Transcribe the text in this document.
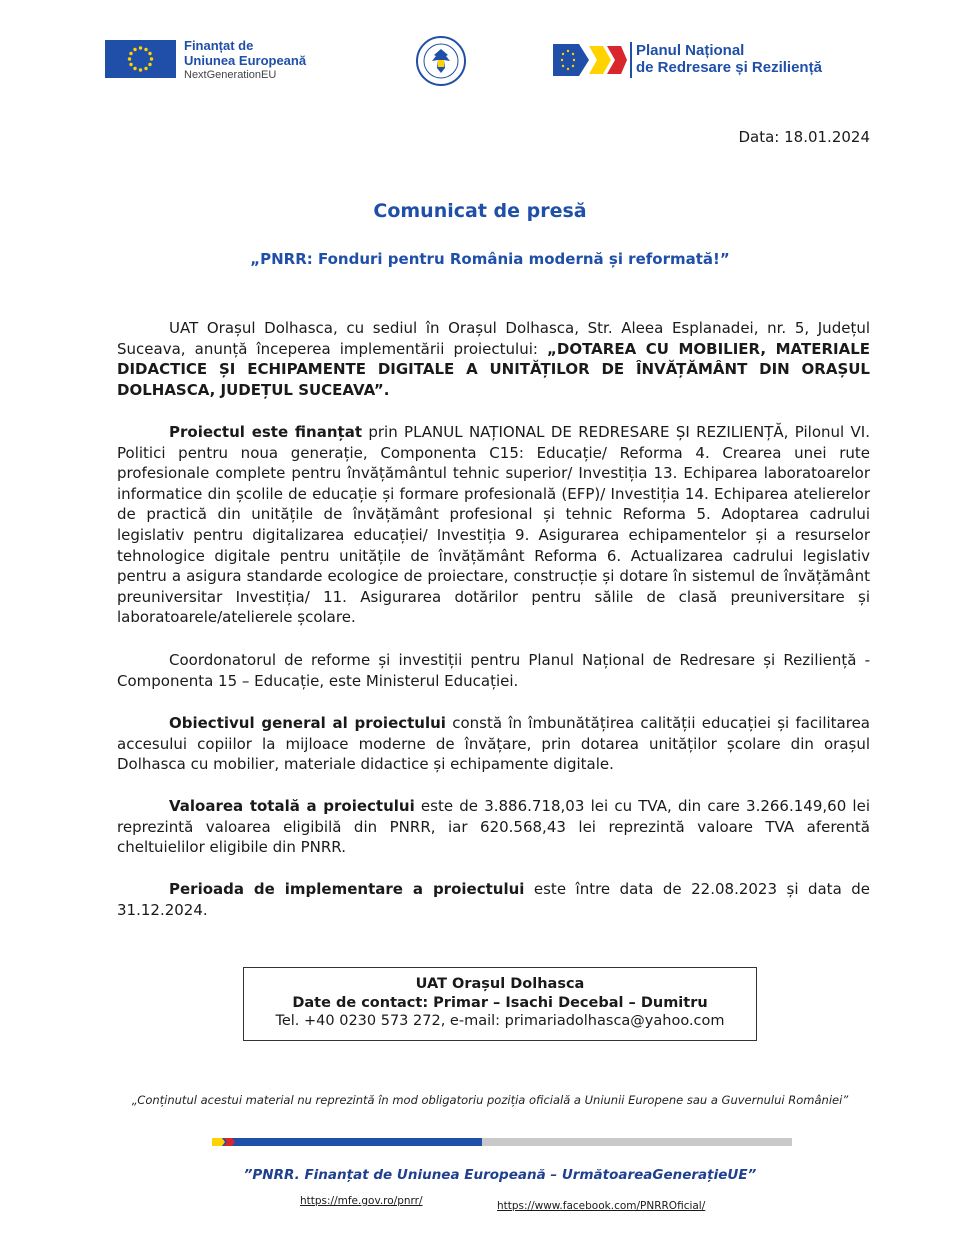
Finanțat de
Uniunea Europeană
NextGenerationEU
Planul Național
de Redresare și Reziliență
Data: 18.01.2024
Comunicat de presă
„PNRR: Fonduri pentru România modernă și reformată!”
UAT Orașul Dolhasca, cu sediul în Orașul Dolhasca, Str. Aleea Esplanadei, nr. 5, Județul Suceava, anunță începerea implementării proiectului: „DOTAREA CU MOBILIER, MATERIALE DIDACTICE ȘI ECHIPAMENTE DIGITALE A UNITĂȚILOR DE ÎNVĂȚĂMÂNT DIN ORAȘUL DOLHASCA, JUDEȚUL SUCEAVA”.
Proiectul este finanțat prin PLANUL NAȚIONAL DE REDRESARE ȘI REZILIENȚĂ, Pilonul VI. Politici pentru noua generație, Componenta C15: Educație/ Reforma 4. Crearea unei rute profesionale complete pentru învățământul tehnic superior/ Investiția 13. Echiparea laboratoarelor informatice din școlile de educație și formare profesională (EFP)/ Investiția 14. Echiparea atelierelor de practică din unitățile de învățământ profesional și tehnic Reforma 5. Adoptarea cadrului legislativ pentru digitalizarea educației/ Investiția 9. Asigurarea echipamentelor și a resurselor tehnologice digitale pentru unitățile de învățământ Reforma 6. Actualizarea cadrului legislativ pentru a asigura standarde ecologice de proiectare, construcție și dotare în sistemul de învățământ preuniversitar Investiția/ 11. Asigurarea dotărilor pentru sălile de clasă preuniversitare și laboratoarele/atelierele școlare.
Coordonatorul de reforme și investiții pentru Planul Național de Redresare și Reziliență - Componenta 15 – Educație, este Ministerul Educației.
Obiectivul general al proiectului constă în îmbunătățirea calității educației și facilitarea accesului copiilor la mijloace moderne de învățare, prin dotarea unităților școlare din orașul Dolhasca cu mobilier, materiale didactice și echipamente digitale.
Valoarea totală a proiectului este de 3.886.718,03 lei cu TVA, din care 3.266.149,60 lei reprezintă valoarea eligibilă din PNRR, iar 620.568,43 lei reprezintă valoare TVA aferentă cheltuielilor eligibile din PNRR.
Perioada de implementare a proiectului este între data de 22.08.2023 și data de 31.12.2024.
UAT Orașul Dolhasca
Date de contact: Primar – Isachi Decebal – Dumitru
Tel. +40 0230 573 272, e-mail: primariadolhasca@yahoo.com
„Conținutul acestui material nu reprezintă în mod obligatoriu poziția oficială a Uniunii Europene sau a Guvernului României”
”PNRR. Finanțat de Uniunea Europeană – UrmătoareaGenerațieUE”
https://mfe.gov.ro/pnrr/	https://www.facebook.com/PNRROficial/
